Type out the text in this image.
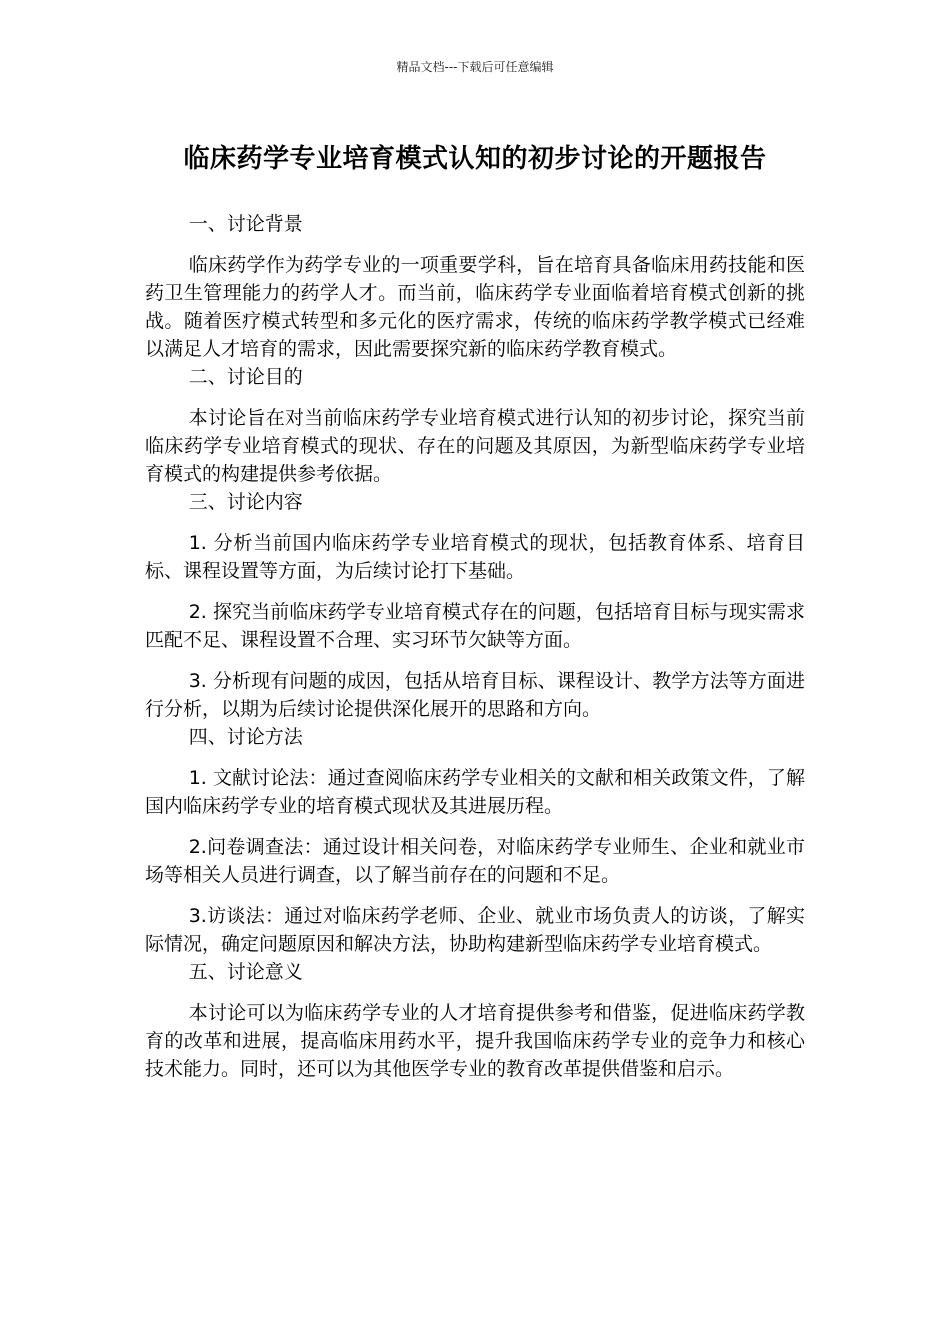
精品文档---下载后可任意编辑
临床药学专业培育模式认知的初步讨论的开题报告

一、讨论背景

临床药学作为药学专业的一项重要学科，旨在培育具备临床用药技能和医药卫生管理能力的药学人才。而当前，临床药学专业面临着培育模式创新的挑战。随着医疗模式转型和多元化的医疗需求，传统的临床药学教学模式已经难以满足人才培育的需求，因此需要探究新的临床药学教育模式。

二、讨论目的

本讨论旨在对当前临床药学专业培育模式进行认知的初步讨论，探究当前临床药学专业培育模式的现状、存在的问题及其原因，为新型临床药学专业培育模式的构建提供参考依据。

三、讨论内容

1. 分析当前国内临床药学专业培育模式的现状，包括教育体系、培育目标、课程设置等方面，为后续讨论打下基础。

2. 探究当前临床药学专业培育模式存在的问题，包括培育目标与现实需求匹配不足、课程设置不合理、实习环节欠缺等方面。

3. 分析现有问题的成因，包括从培育目标、课程设计、教学方法等方面进行分析，以期为后续讨论提供深化展开的思路和方向。

四、讨论方法

1. 文献讨论法：通过查阅临床药学专业相关的文献和相关政策文件，了解国内临床药学专业的培育模式现状及其进展历程。

2.问卷调查法：通过设计相关问卷，对临床药学专业师生、企业和就业市场等相关人员进行调查，以了解当前存在的问题和不足。

3.访谈法：通过对临床药学老师、企业、就业市场负责人的访谈，了解实际情况，确定问题原因和解决方法，协助构建新型临床药学专业培育模式。

五、讨论意义

本讨论可以为临床药学专业的人才培育提供参考和借鉴，促进临床药学教育的改革和进展，提高临床用药水平，提升我国临床药学专业的竞争力和核心技术能力。同时，还可以为其他医学专业的教育改革提供借鉴和启示。
